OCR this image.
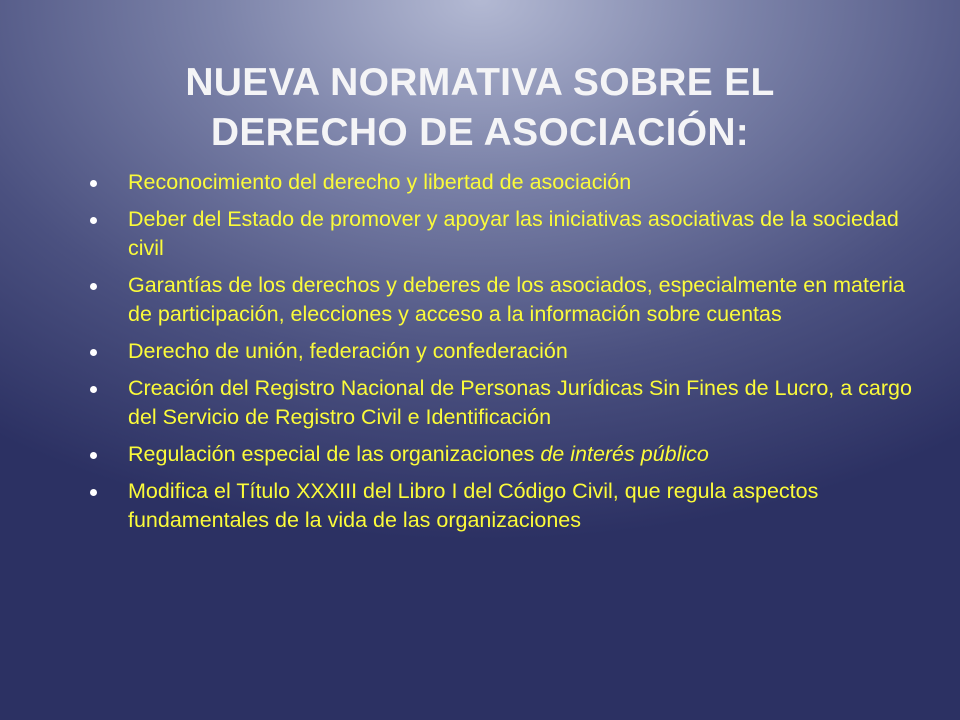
NUEVA NORMATIVA SOBRE EL
DERECHO DE ASOCIACIÓN:
Reconocimiento del derecho y libertad de asociación
Deber del Estado de promover y apoyar las iniciativas asociativas de la sociedad civil
Garantías de los derechos y deberes de los asociados, especialmente en materia de participación, elecciones y acceso a la información sobre cuentas
Derecho de unión, federación y confederación
Creación del Registro Nacional de Personas Jurídicas Sin Fines de Lucro, a cargo del Servicio de Registro Civil e Identificación
Regulación especial de las organizaciones de interés público
Modifica el Título XXXIII del Libro I del Código Civil, que regula aspectos fundamentales de la vida de las organizaciones
